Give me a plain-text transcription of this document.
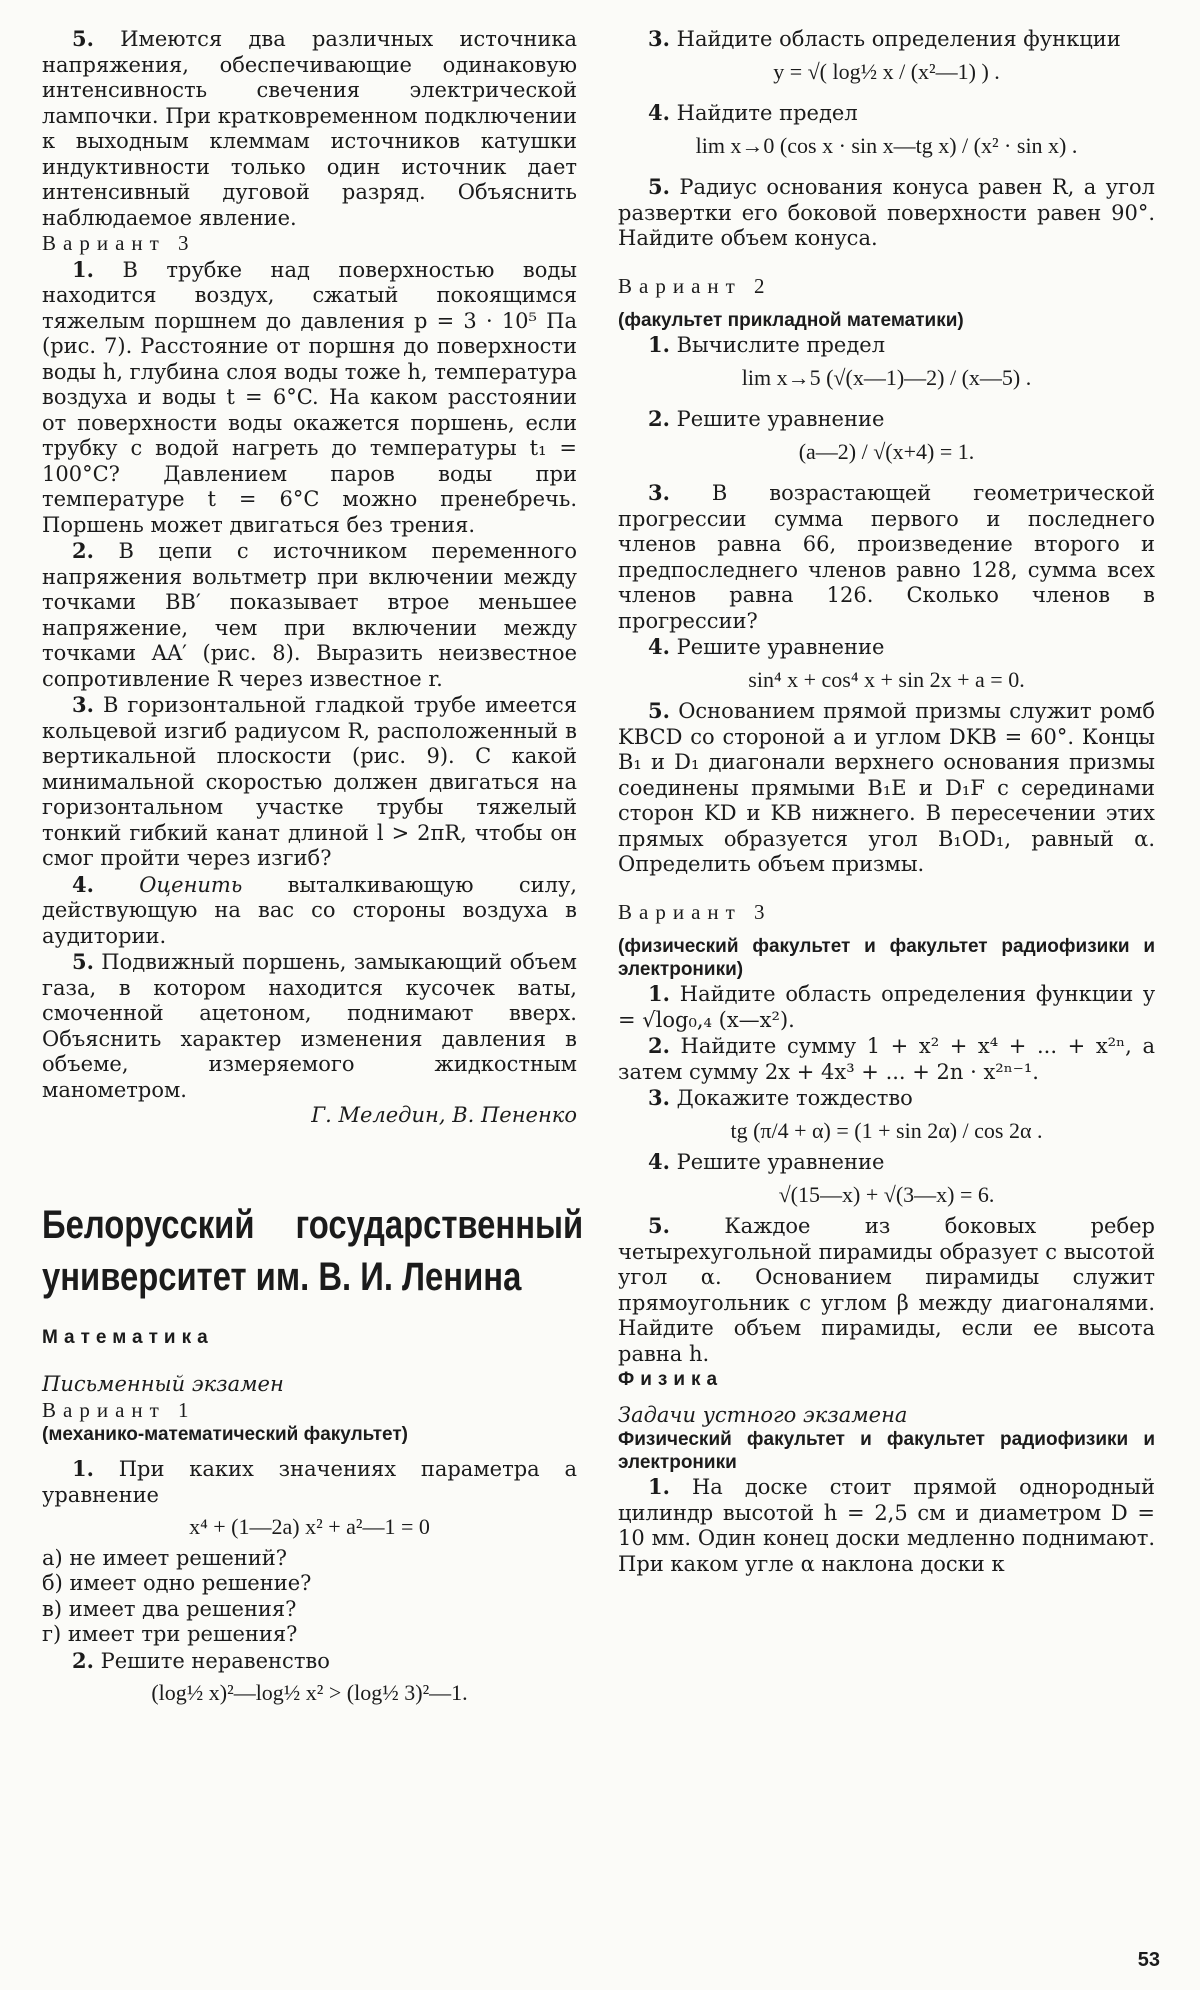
5. Имеются два различных источника напряжения, обеспечивающие одинаковую интенсивность свечения электрической лампочки. При кратковременном подключении к выходным клеммам источников катушки индуктивности только один источник дает интенсивный дуговой разряд. Объяснить наблюдаемое явление.

Вариант 3

1. В трубке над поверхностью воды находится воздух, сжатый покоящимся тяжелым поршнем до давления p = 3 · 10⁵ Па (рис. 7). Расстояние от поршня до поверхности воды h, глубина слоя воды тоже h, температура воздуха и воды t = 6°C. На каком расстоянии от поверхности воды окажется поршень, если трубку с водой нагреть до температуры t₁ = 100°C? Давлением паров воды при температуре t = 6°C можно пренебречь. Поршень может двигаться без трения.

2. В цепи с источником переменного напряжения вольтметр при включении между точками BB′ показывает втрое меньшее напряжение, чем при включении между точками AA′ (рис. 8). Выразить неизвестное сопротивление R через известное r.

3. В горизонтальной гладкой трубе имеется кольцевой изгиб радиусом R, расположенный в вертикальной плоскости (рис. 9). С какой минимальной скоростью должен двигаться на горизонтальном участке трубы тяжелый тонкий гибкий канат длиной l > 2πR, чтобы он смог пройти через изгиб?

4. Оценить выталкивающую силу, действующую на вас со стороны воздуха в аудитории.

5. Подвижный поршень, замыкающий объем газа, в котором находится кусочек ваты, смоченной ацетоном, поднимают вверх. Объяснить характер изменения давления в объеме, измеряемого жидкостным манометром.

Г. Меледин, В. Пененко

Белорусский государственный университет им. В. И. Ленина

Математика

Письменный экзамен

Вариант 1

(механико-математический факультет)

1. При каких значениях параметра a уравнение

x⁴ + (1—2a) x² + a²—1 = 0

а) не имеет решений?

б) имеет одно решение?

в) имеет два решения?

г) имеет три решения?

2. Решите неравенство

(log½ x)²—log½ x² > (log½ 3)²—1.

3. Найдите область определения функции

y = √( log½ x / (x²—1) ) .

4. Найдите предел

lim x→0 (cos x · sin x—tg x) / (x² · sin x) .

5. Радиус основания конуса равен R, а угол развертки его боковой поверхности равен 90°. Найдите объем конуса.

Вариант 2

(факультет прикладной математики)

1. Вычислите предел

lim x→5 (√(x—1)—2) / (x—5) .

2. Решите уравнение

(a—2) / √(x+4) = 1.

3. В возрастающей геометрической прогрессии сумма первого и последнего членов равна 66, произведение второго и предпоследнего членов равно 128, сумма всех членов равна 126. Сколько членов в прогрессии?

4. Решите уравнение

sin⁴ x + cos⁴ x + sin 2x + a = 0.

5. Основанием прямой призмы служит ромб KBCD со стороной a и углом DKB = 60°. Концы B₁ и D₁ диагонали верхнего основания призмы соединены прямыми B₁E и D₁F с серединами сторон KD и KB нижнего. В пересечении этих прямых образуется угол B₁OD₁, равный α. Определить объем призмы.

Вариант 3

(физический факультет и факультет радиофизики и электроники)

1. Найдите область определения функции y = √log₀,₄ (x—x²).

2. Найдите сумму 1 + x² + x⁴ + ... + x²ⁿ, а затем сумму 2x + 4x³ + ... + 2n · x²ⁿ⁻¹.

3. Докажите тождество

tg (π/4 + α) = (1 + sin 2α) / cos 2α .

4. Решите уравнение

√(15—x) + √(3—x) = 6.

5.	Каждое из боковых ребер четырехугольной пирамиды образует с высотой угол α. Основанием пирамиды служит прямоугольник с углом β между диагоналями. Найдите объем пирамиды, если ее высота равна h.

Физика

Задачи устного экзамена

Физический факультет и факультет радиофизики и электроники

1. На доске стоит прямой однородный цилиндр высотой h = 2,5 см и диаметром D = 10 мм. Один конец доски медленно поднимают. При каком угле α наклона доски к

53
